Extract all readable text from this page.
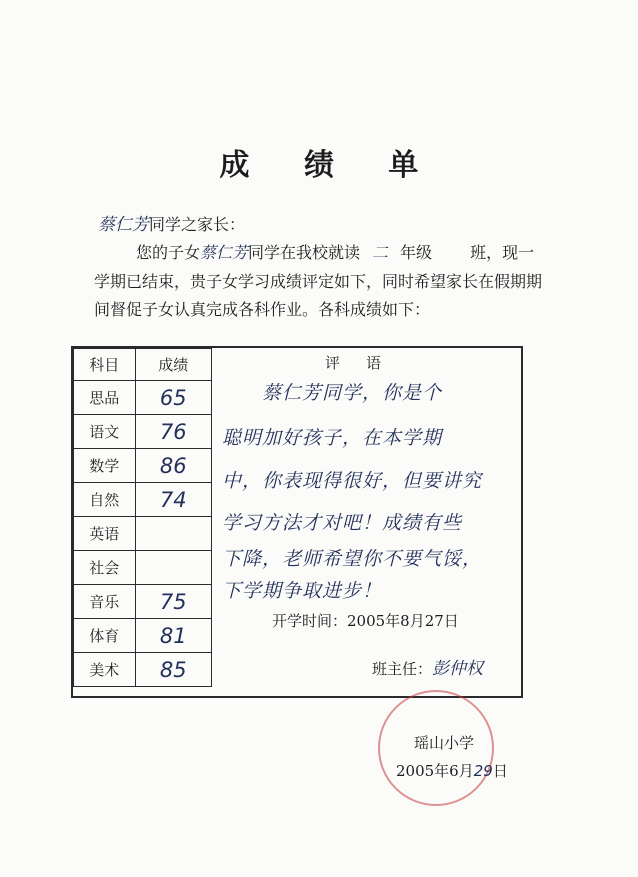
成 绩 单
蔡仁芳同学之家长：
您的子女蔡仁芳同学在我校就读 二 年级 班，现一
学期已结束，贵子女学习成绩评定如下，同时希望家长在假期期
间督促子女认真完成各科作业。各科成绩如下：
科目	成绩
思品	65
语文	76
数学	86
自然	74
英语	
社会	
音乐	75
体育	81
美术	85
评语
蔡仁芳同学，你是个
聪明加好孩子，在本学期
中，你表现得很好，但要讲究
学习方法才对吧！成绩有些
下降，老师希望你不要气馁，
下学期争取进步！
开学时间：2005年8月27日
班主任：彭仲权
瑶山小学
2005年6月29日
